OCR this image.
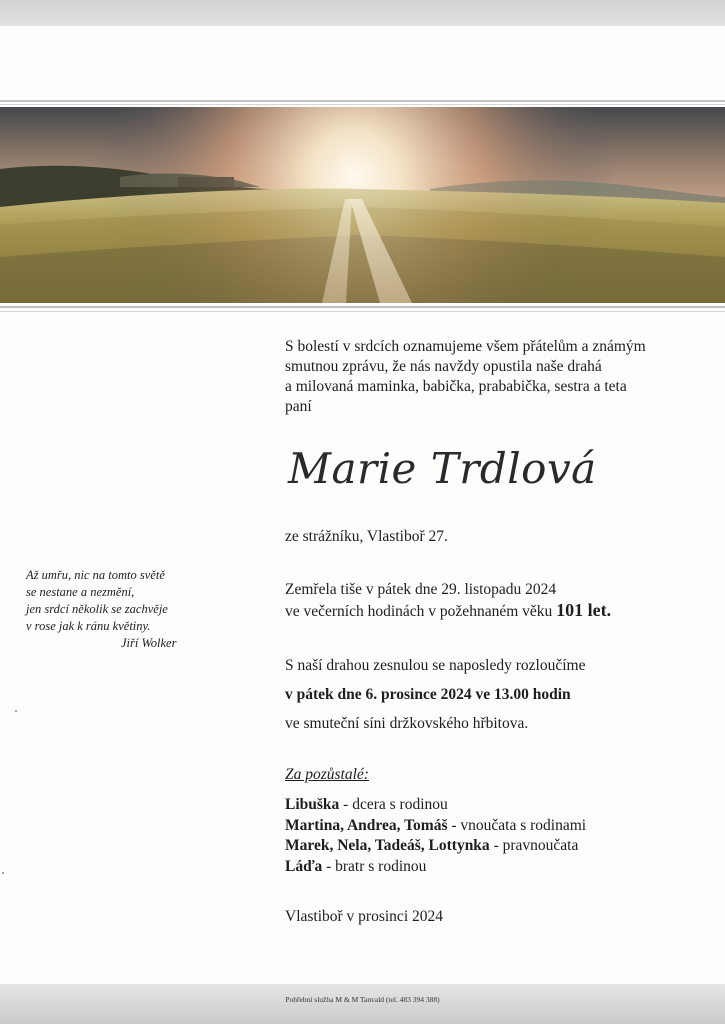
S bolestí v srdcích oznamujeme všem přátelům a známým
smutnou zprávu, že nás navždy opustila naše drahá
a milovaná maminka, babička, prababička, sestra a teta
paní
Marie Trdlová
ze strážníku, Vlastiboř 27.
Zemřela tiše v pátek dne 29. listopadu 2024
ve večerních hodinách v požehnaném věku 101 let.
S naší drahou zesnulou se naposledy rozloučíme
v pátek dne 6. prosince 2024 ve 13.00 hodin
ve smuteční síni držkovského hřbitova.
Za pozůstalé:
Libuška - dcera s rodinou
Martina, Andrea, Tomáš - vnoučata s rodinami
Marek, Nela, Tadeáš, Lottynka - pravnoučata
Láďa - bratr s rodinou
Vlastiboř v prosinci 2024
Až umřu, nic na tomto světě
se nestane a nezmění,
jen srdcí několik se zachvěje
v rose jak k ránu květiny.
Jiří Wolker
Pohřební služba M & M Tanvald (tel. 483 394 388)
